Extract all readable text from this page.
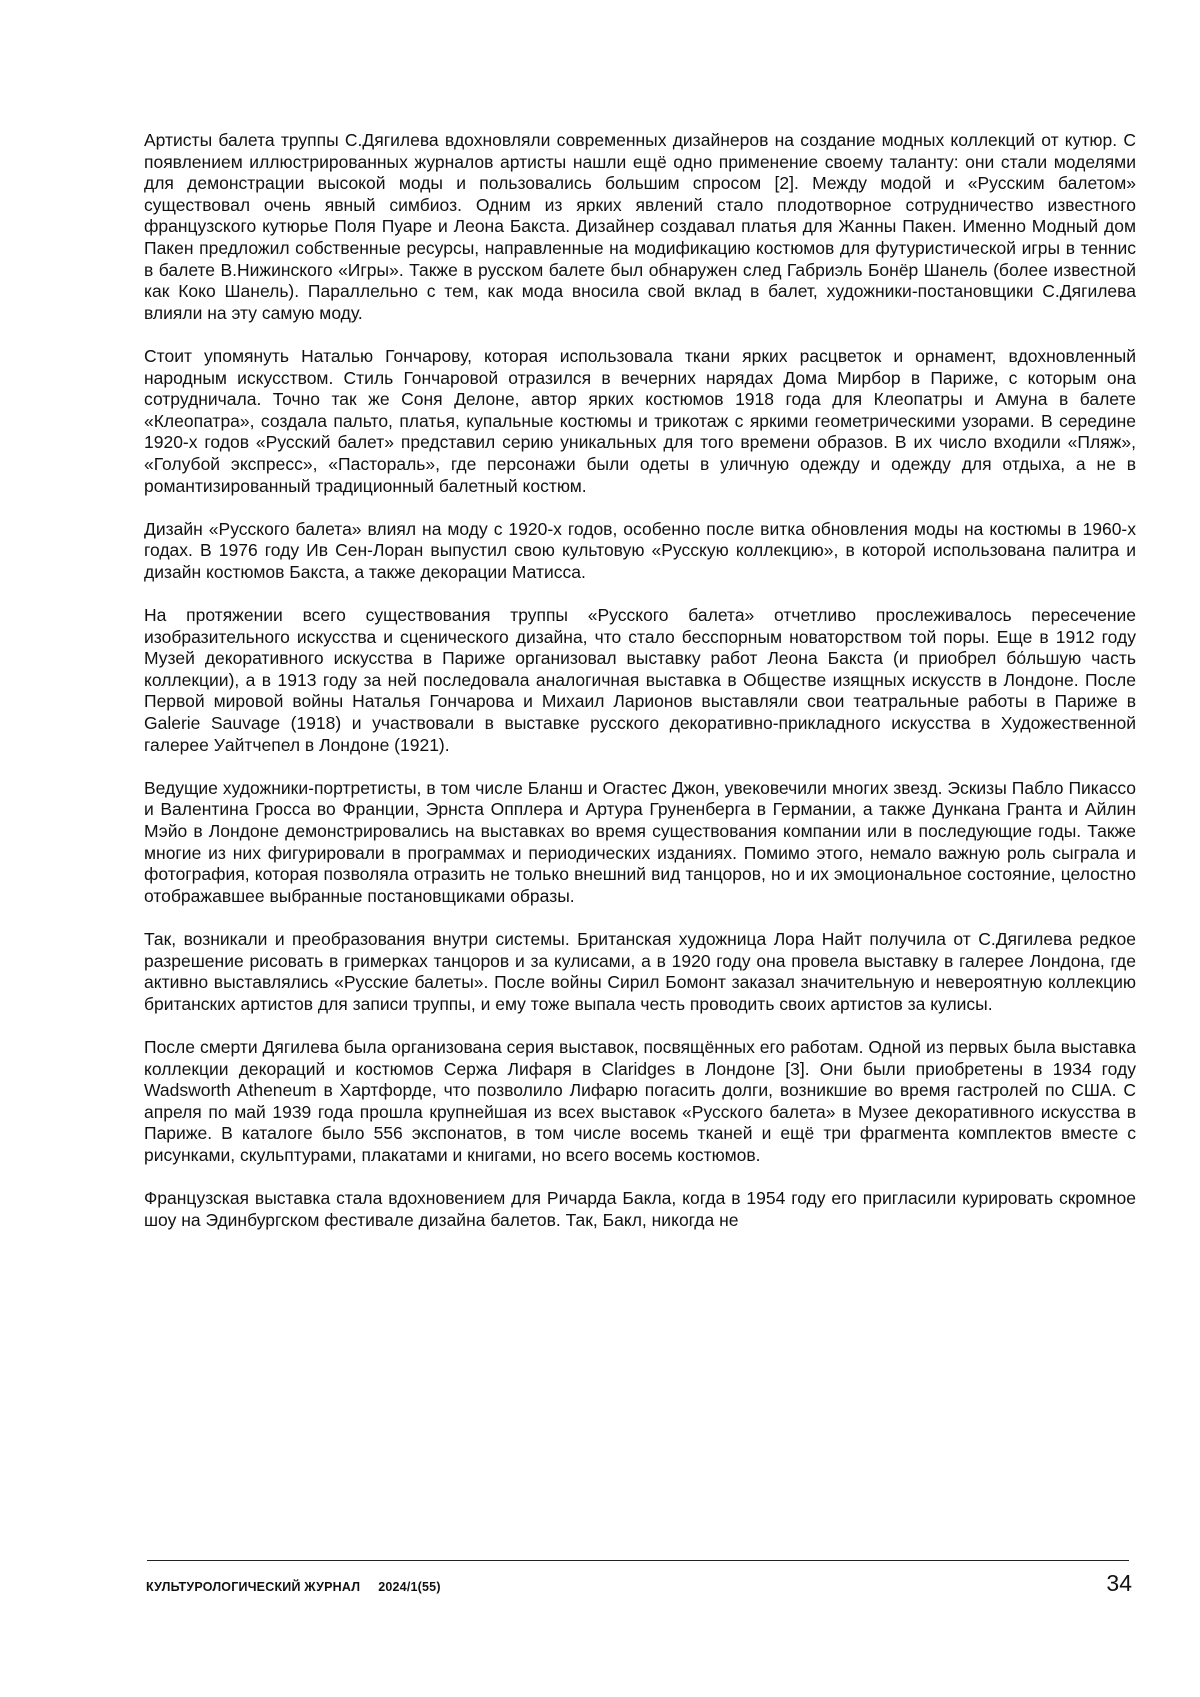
Артисты балета труппы С.Дягилева вдохновляли современных дизайнеров на создание модных коллекций от кутюр. С появлением иллюстрированных журналов артисты нашли ещё одно применение своему таланту: они стали моделями для демонстрации высокой моды и пользовались большим спросом [2]. Между модой и «Русским балетом» существовал очень явный симбиоз. Одним из ярких явлений стало плодотворное сотрудничество известного французского кутюрье Поля Пуаре и Леона Бакста. Дизайнер создавал платья для Жанны Пакен. Именно Модный дом Пакен предложил собственные ресурсы, направленные на модификацию костюмов для футуристической игры в теннис в балете В.Нижинского «Игры». Также в русском балете был обнаружен след Габриэль Бонёр Шанель (более известной как Коко Шанель). Параллельно с тем, как мода вносила свой вклад в балет, художники-постановщики С.Дягилева влияли на эту самую моду.

Стоит упомянуть Наталью Гончарову, которая использовала ткани ярких расцветок и орнамент, вдохновленный народным искусством. Стиль Гончаровой отразился в вечерних нарядах Дома Мирбор в Париже, с которым она сотрудничала. Точно так же Соня Делоне, автор ярких костюмов 1918 года для Клеопатры и Амуна в балете «Клеопатра», создала пальто, платья, купальные костюмы и трикотаж с яркими геометрическими узорами. В середине 1920-х годов «Русский балет» представил серию уникальных для того времени образов. В их число входили «Пляж», «Голубой экспресс», «Пастораль», где персонажи были одеты в уличную одежду и одежду для отдыха, а не в романтизированный традиционный балетный костюм.

Дизайн «Русского балета» влиял на моду с 1920-х годов, особенно после витка обновления моды на костюмы в 1960-х годах. В 1976 году Ив Сен-Лоран выпустил свою культовую «Русскую коллекцию», в которой использована палитра и дизайн костюмов Бакста, а также декорации Матисса.

На протяжении всего существования труппы «Русского балета» отчетливо прослеживалось пересечение изобразительного искусства и сценического дизайна, что стало бесспорным новаторством той поры. Еще в 1912 году Музей декоративного искусства в Париже организовал выставку работ Леона Бакста (и приобрел бо́льшую часть коллекции), а в 1913 году за ней последовала аналогичная выставка в Обществе изящных искусств в Лондоне. После Первой мировой войны Наталья Гончарова и Михаил Ларионов выставляли свои театральные работы в Париже в Galerie Sauvage (1918) и участвовали в выставке русского декоративно-прикладного искусства в Художественной галерее Уайтчепел в Лондоне (1921).

Ведущие художники-портретисты, в том числе Бланш и Огастес Джон, увековечили многих звезд. Эскизы Пабло Пикассо и Валентина Гросса во Франции, Эрнста Опплера и Артура Груненберга в Германии, а также Дункана Гранта и Айлин Мэйо в Лондоне демонстрировались на выставках во время существования компании или в последующие годы. Также многие из них фигурировали в программах и периодических изданиях. Помимо этого, немало важную роль сыграла и фотография, которая позволяла отразить не только внешний вид танцоров, но и их эмоциональное состояние, целостно отображавшее выбранные постановщиками образы.

Так, возникали и преобразования внутри системы. Британская художница Лора Найт получила от С.Дягилева редкое разрешение рисовать в гримерках танцоров и за кулисами, а в 1920 году она провела выставку в галерее Лондона, где активно выставлялись «Русские балеты». После войны Сирил Бомонт заказал значительную и невероятную коллекцию британских артистов для записи труппы, и ему тоже выпала честь проводить своих артистов за кулисы.

После смерти Дягилева была организована серия выставок, посвящённых его работам. Одной из первых была выставка коллекции декораций и костюмов Сержа Лифаря в Claridges в Лондоне [3]. Они были приобретены в 1934 году Wadsworth Atheneum в Хартфорде, что позволило Лифарю погасить долги, возникшие во время гастролей по США. С апреля по май 1939 года прошла крупнейшая из всех выставок «Русского балета» в Музее декоративного искусства в Париже. В каталоге было 556 экспонатов, в том числе восемь тканей и ещё три фрагмента комплектов вместе с рисунками, скульптурами, плакатами и книгами, но всего восемь костюмов.

Французская выставка стала вдохновением для Ричарда Бакла, когда в 1954 году его пригласили курировать скромное шоу на Эдинбургском фестивале дизайна балетов. Так, Бакл, никогда не

КУЛЬТУРОЛОГИЧЕСКИЙ ЖУРНАЛ 2024/1(55)	34
